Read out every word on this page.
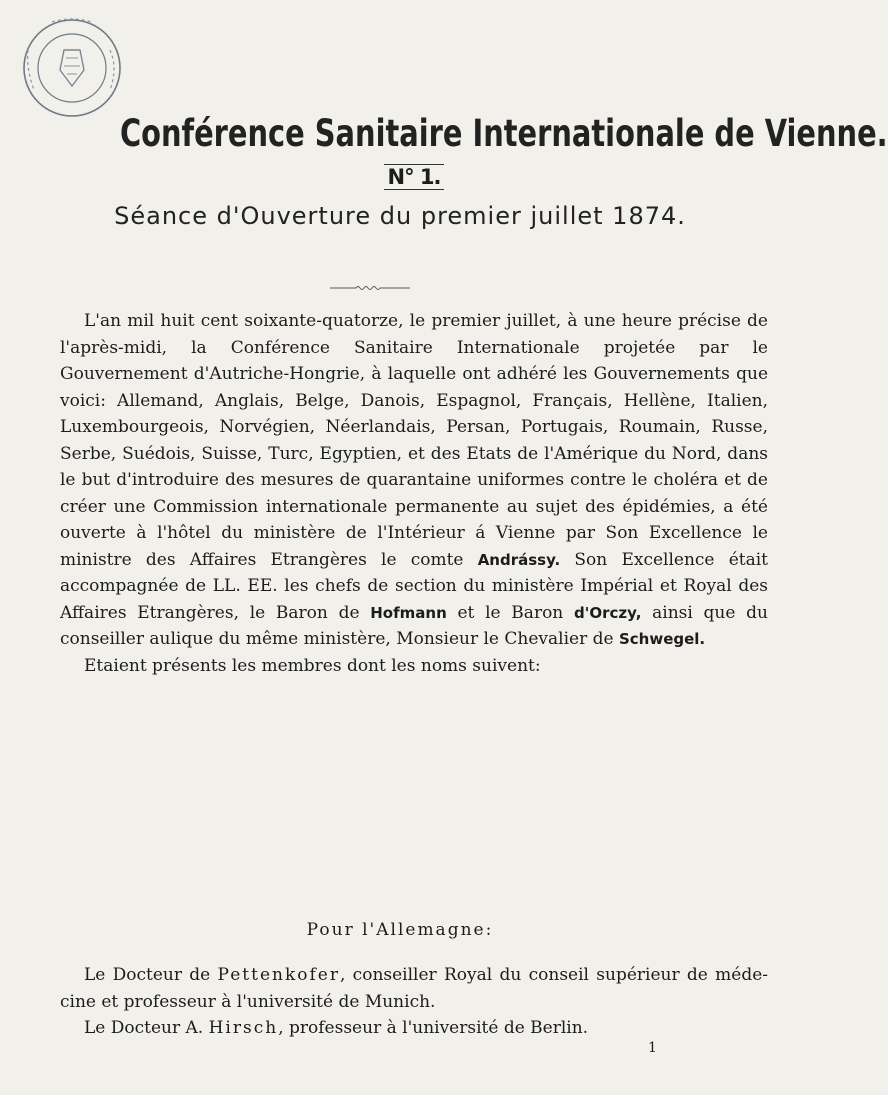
Conférence Sanitaire Internationale de Vienne.
N° 1.
Séance d'Ouverture du premier juillet 1874.

L'an mil huit cent soixante-quatorze, le premier juillet, à une heure précise de l'après-midi, la Conférence Sanitaire Internationale projetée par le Gouvernement d'Autriche-Hongrie, à laquelle ont adhéré les Gouvernements que voici: Allemand, Anglais, Belge, Danois, Espagnol, Français, Hellène, Italien, Luxembourgeois, Norvégien, Néerlandais, Persan, Portugais, Roumain, Russe, Serbe, Suédois, Suisse, Turc, Egyptien, et des Etats de l'Amérique du Nord, dans le but d'introduire des mesures de quarantaine uniformes contre le choléra et de créer une Commission internationale permanente au sujet des épidémies, a été ouverte à l'hôtel du ministère de l'Intérieur á Vienne par Son Excellence le ministre des Affaires Etrangères le comte Andrássy. Son Excellence était accompagnée de LL. EE. les chefs de section du ministère Impérial et Royal des Affaires Etrangères, le Baron de Hofmann et le Baron d'Orczy, ainsi que du conseiller aulique du même ministère, Monsieur le Chevalier de Schwegel.

Etaient présents les membres dont les noms suivent:

Pour l'Allemagne:

Le Docteur de Pettenkofer, conseiller Royal du conseil supérieur de méde-cine et professeur à l'université de Munich.

Le Docteur A. Hirsch, professeur à l'université de Berlin.

1
